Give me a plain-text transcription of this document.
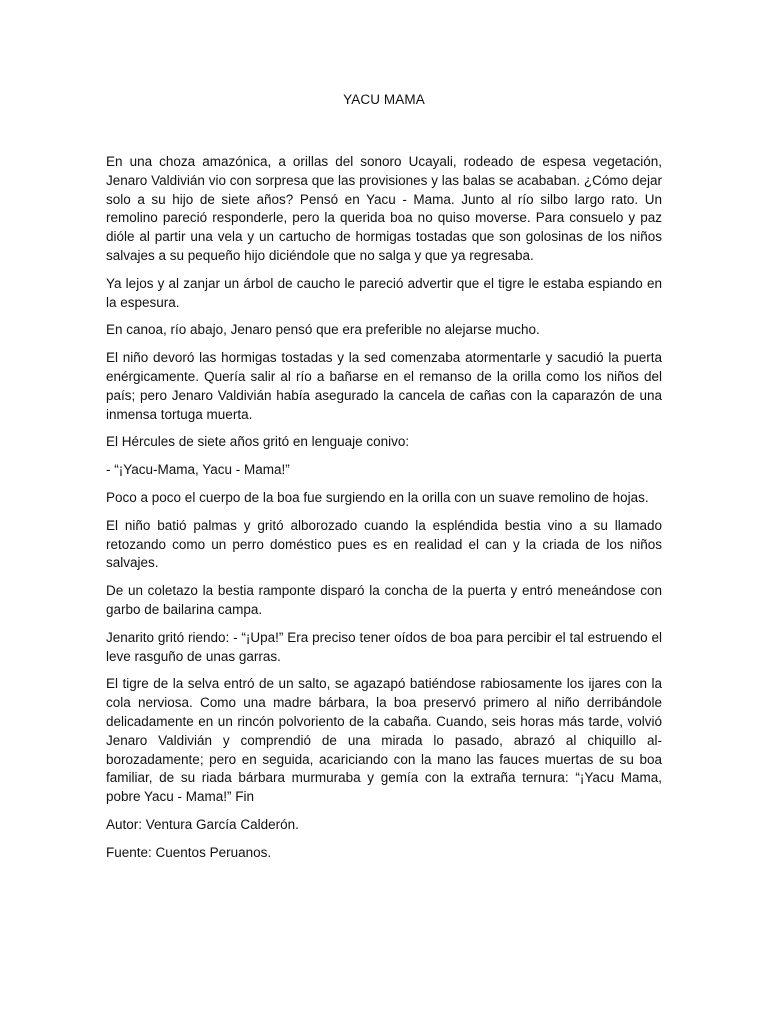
YACU MAMA

En una choza amazónica, a orillas del sonoro Ucayali, rodeado de espesa vegetación, Jenaro Valdivián vio con sorpresa que las provisiones y las balas se acababan. ¿Cómo dejar solo a su hijo de siete años? Pensó en Yacu - Mama. Junto al río silbo largo rato. Un remolino pareció responderle, pero la querida boa no quiso moverse. Para consuelo y paz dióle al partir una vela y un cartucho de hormigas tostadas que son golosinas de los niños salvajes a su pequeño hijo diciéndole que no salga y que ya regresaba.

Ya lejos y al zanjar un árbol de caucho le pareció advertir que el tigre le estaba espiando en la espesura.

En canoa, río abajo, Jenaro pensó que era preferible no alejarse mucho.

El niño devoró las hormigas tostadas y la sed comenzaba atormentarle y sacudió la puerta enérgicamente. Quería salir al río a bañarse en el remanso de la orilla como los niños del país; pero Jenaro Valdivián había asegurado la cancela de cañas con la caparazón de una inmensa tortuga muerta.

El Hércules de siete años gritó en lenguaje conivo:

- “¡Yacu-Mama, Yacu - Mama!”

Poco a poco el cuerpo de la boa fue surgiendo en la orilla con un suave remolino de hojas.

El niño batió palmas y gritó alborozado cuando la espléndida bestia vino a su llamado retozando como un perro doméstico pues es en realidad el can y la criada de los niños salvajes.

De un coletazo la bestia ramponte disparó la concha de la puerta y entró meneándose con garbo de bailarina campa.

Jenarito gritó riendo: - “¡Upa!” Era preciso tener oídos de boa para percibir el tal estruendo el leve rasguño de unas garras.

El tigre de la selva entró de un salto, se agazapó batiéndose rabiosamente los ijares con la cola nerviosa. Como una madre bárbara, la boa preservó primero al niño derribándole delicadamente en un rincón polvoriento de la cabaña. Cuando, seis horas más tarde, volvió Jenaro Valdivián y comprendió de una mirada lo pasado, abrazó al chiquillo al- borozadamente; pero en seguida, acariciando con la mano las fauces muertas de su boa familiar, de su riada bárbara murmuraba y gemía con la extraña ternura: “¡Yacu Mama, pobre Yacu - Mama!” Fin

Autor: Ventura García Calderón.

Fuente: Cuentos Peruanos.
